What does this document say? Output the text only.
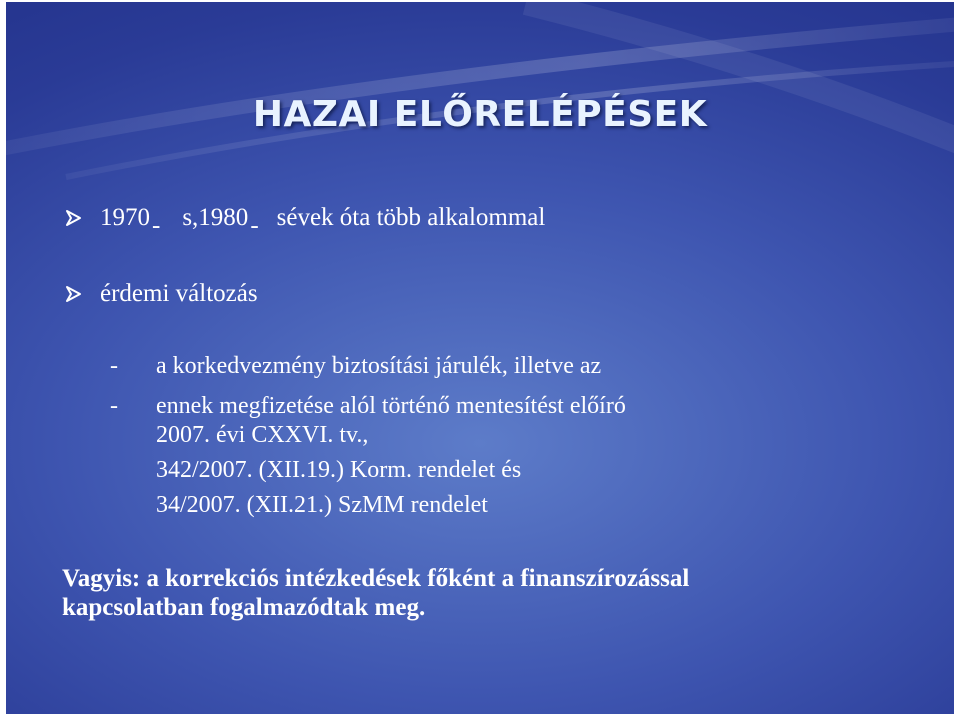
HAZAI ELŐRELÉPÉSEK
1970- s,1980- sévek óta több alkalommal
érdemi változás
- a korkedvezmény biztosítási járulék, illetve az
- ennek megfizetése alól történő mentesítést előíró
2007. évi CXXVI. tv.,
342/2007. (XII.19.) Korm. rendelet és
34/2007. (XII.21.) SzMM rendelet
Vagyis: a korrekciós intézkedések főként a finanszírozással
kapcsolatban fogalmazódtak meg.
